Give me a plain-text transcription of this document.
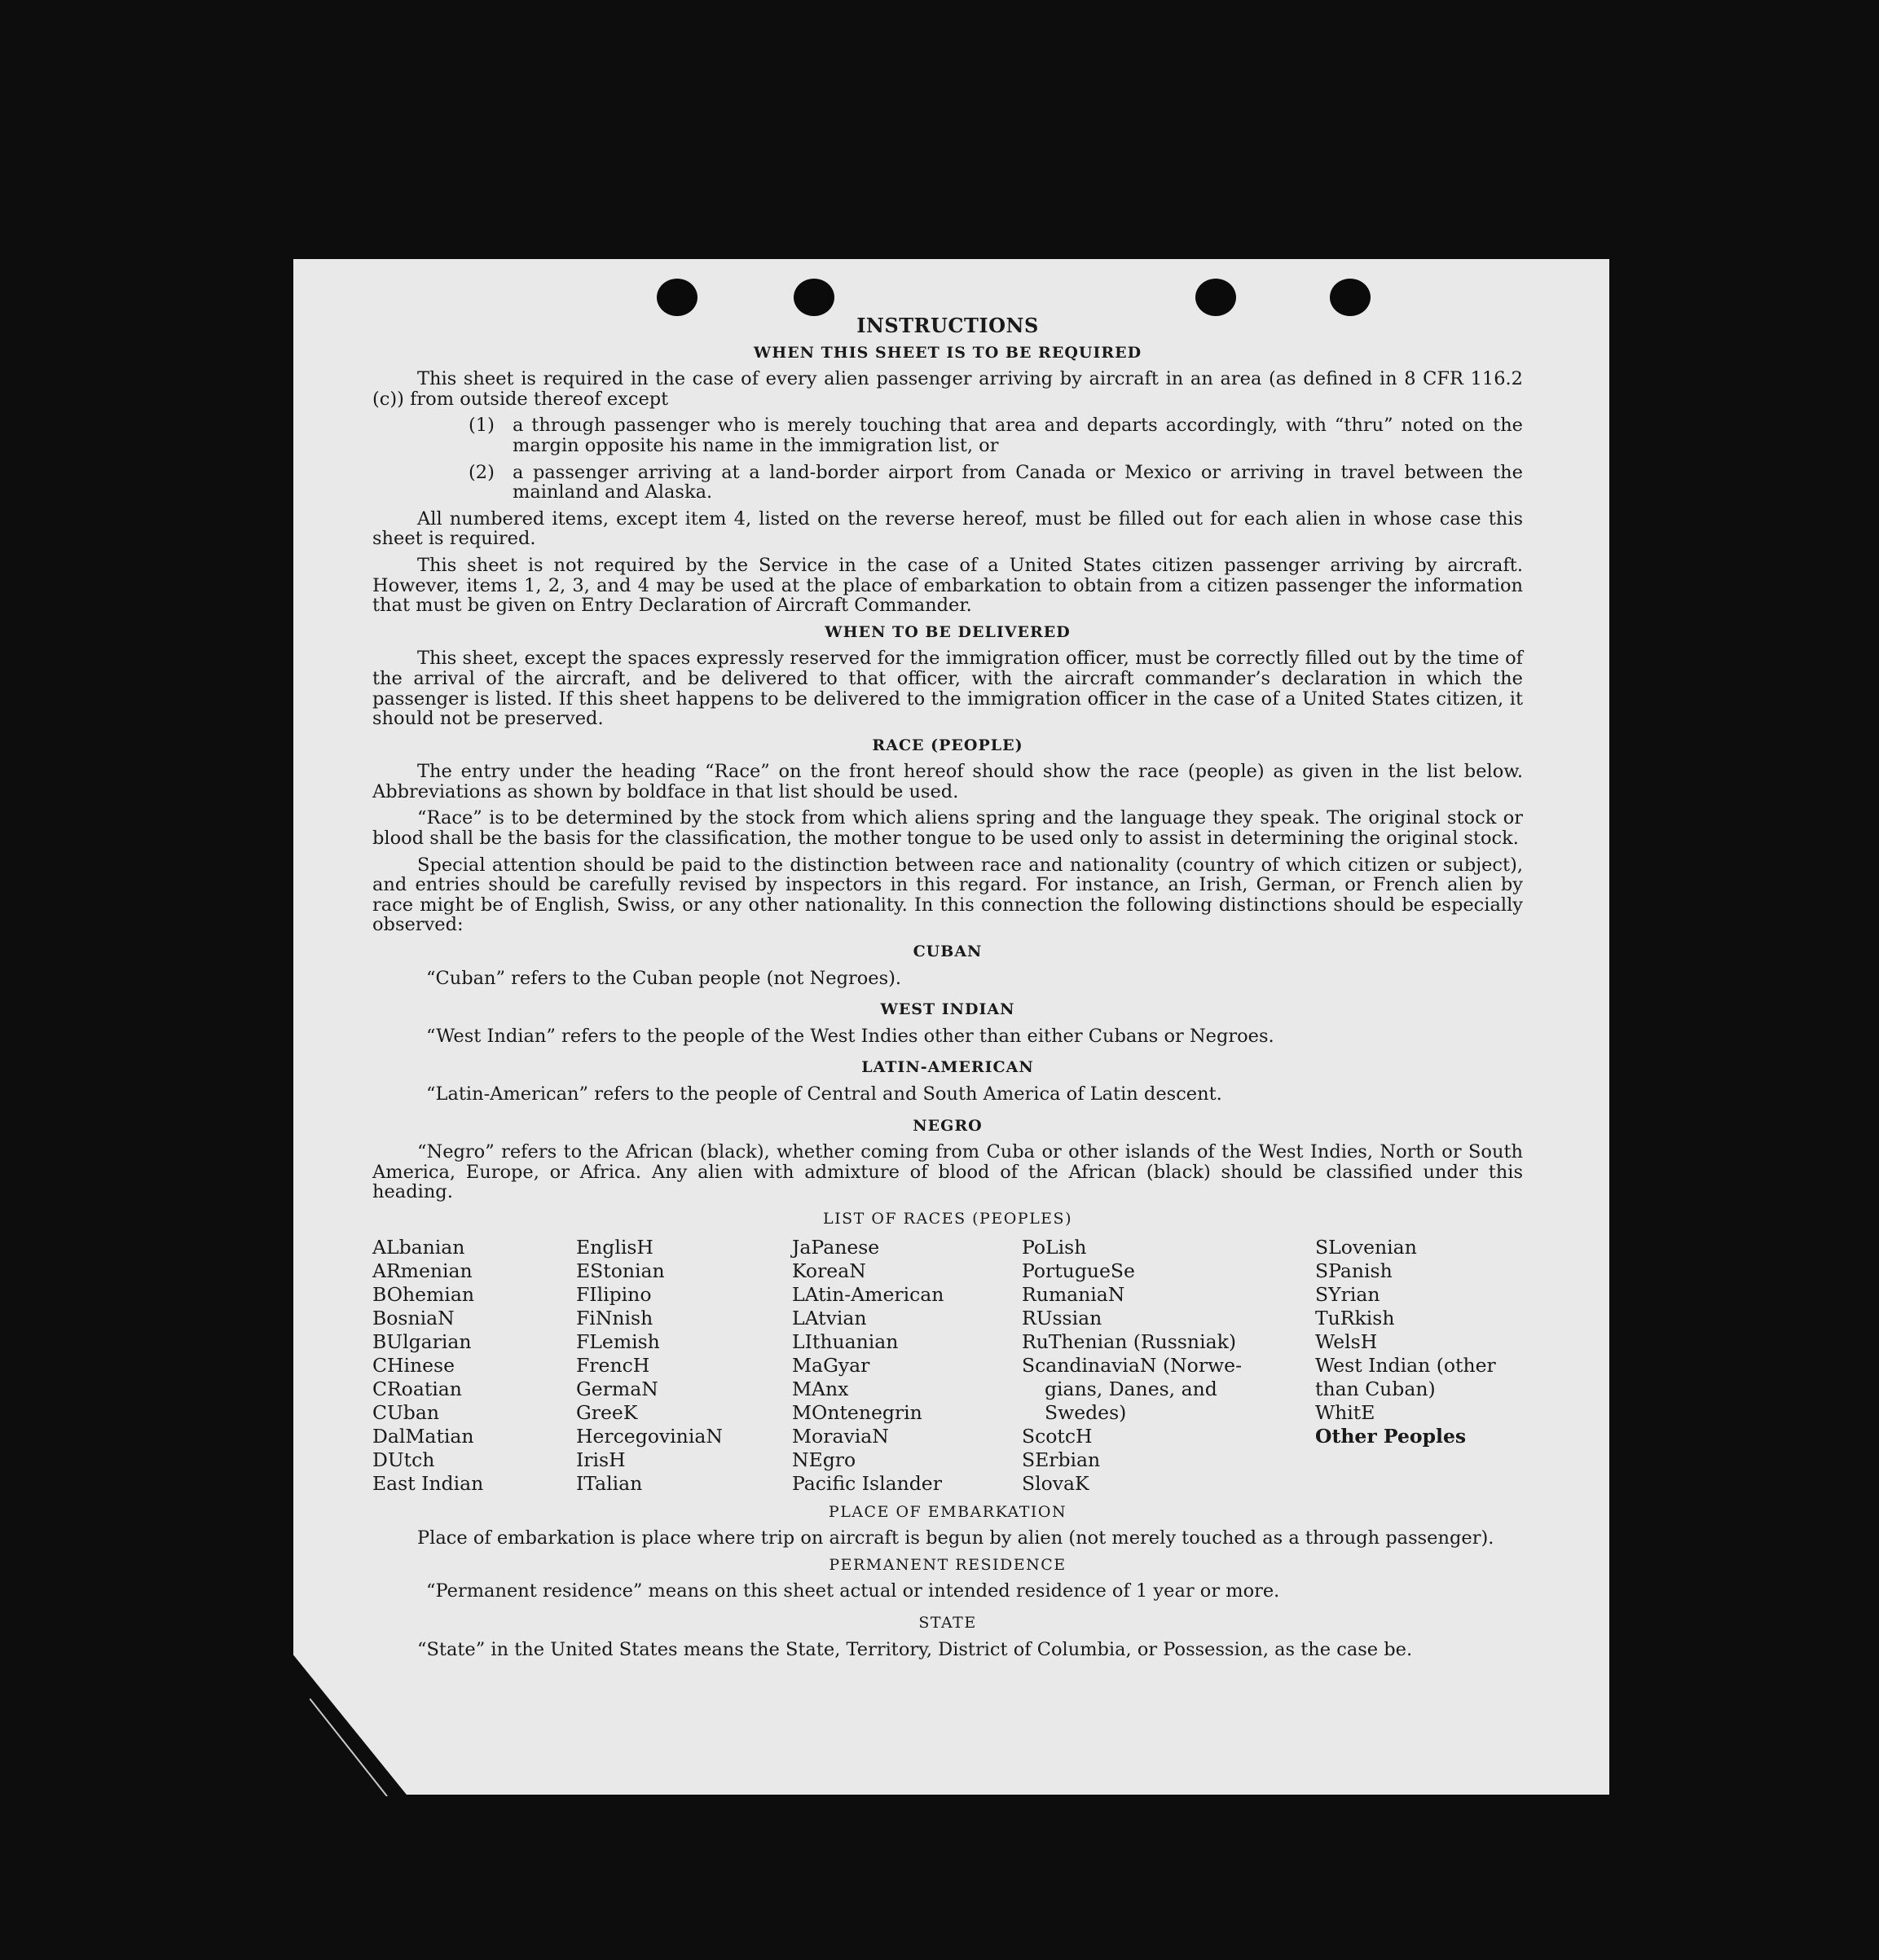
INSTRUCTIONS
WHEN THIS SHEET IS TO BE REQUIRED

This sheet is required in the case of every alien passenger arriving by aircraft in an area (as defined in 8 CFR 116.2 (c)) from outside thereof except

(1) a through passenger who is merely touching that area and departs accordingly, with “thru” noted on the margin opposite his name in the immigration list, or
(2) a passenger arriving at a land-border airport from Canada or Mexico or arriving in travel between the mainland and Alaska.

All numbered items, except item 4, listed on the reverse hereof, must be filled out for each alien in whose case this sheet is required.

This sheet is not required by the Service in the case of a United States citizen passenger arriving by aircraft. However, items 1, 2, 3, and 4 may be used at the place of embarkation to obtain from a citizen passenger the information that must be given on Entry Declaration of Aircraft Commander.

WHEN TO BE DELIVERED

This sheet, except the spaces expressly reserved for the immigration officer, must be correctly filled out by the time of the arrival of the aircraft, and be delivered to that officer, with the aircraft commander’s declaration in which the passenger is listed. If this sheet happens to be delivered to the immigration officer in the case of a United States citizen, it should not be preserved.

RACE (PEOPLE)

The entry under the heading “Race” on the front hereof should show the race (people) as given in the list below. Abbreviations as shown by boldface in that list should be used.

“Race” is to be determined by the stock from which aliens spring and the language they speak. The original stock or blood shall be the basis for the classification, the mother tongue to be used only to assist in determining the original stock.

Special attention should be paid to the distinction between race and nationality (country of which citizen or subject), and entries should be carefully revised by inspectors in this regard. For instance, an Irish, German, or French alien by race might be of English, Swiss, or any other nationality. In this connection the following distinctions should be especially observed:

CUBAN

“Cuban” refers to the Cuban people (not Negroes).

WEST INDIAN

“West Indian” refers to the people of the West Indies other than either Cubans or Negroes.

LATIN-AMERICAN

“Latin-American” refers to the people of Central and South America of Latin descent.

NEGRO

“Negro” refers to the African (black), whether coming from Cuba or other islands of the West Indies, North or South America, Europe, or Africa. Any alien with admixture of blood of the African (black) should be classified under this heading.

LIST OF RACES (PEOPLES)
ALbanian
ARmenian
BOhemian
BosniaN
BUlgarian
CHinese
CRoatian
CUban
DalMatian
DUtch
East Indian
EnglisH
EStonian
FIlipino
FiNnish
FLemish
FrencH
GermaN
GreeK
HercegoviniaN
IrisH
ITalian
JaPanese
KoreaN
LAtin-American
LAtvian
LIthuanian
MaGyar
MAnx
MOntenegrin
MoraviaN
NEgro
Pacific Islander
PoLish
PortugueSe
RumaniaN
RUssian
RuThenian (Russniak)
ScandinaviaN (Norwe-
gians, Danes, and
Swedes)
ScotcH
SErbian
SlovaK
SLovenian
SPanish
SYrian
TuRkish
WelsH
West Indian (other
than Cuban)
WhitE
Other Peoples
PLACE OF EMBARKATION

Place of embarkation is place where trip on aircraft is begun by alien (not merely touched as a through passenger).

PERMANENT RESIDENCE

“Permanent residence” means on this sheet actual or intended residence of 1 year or more.

STATE

“State” in the United States means the State, Territory, District of Columbia, or Possession, as the case be.
